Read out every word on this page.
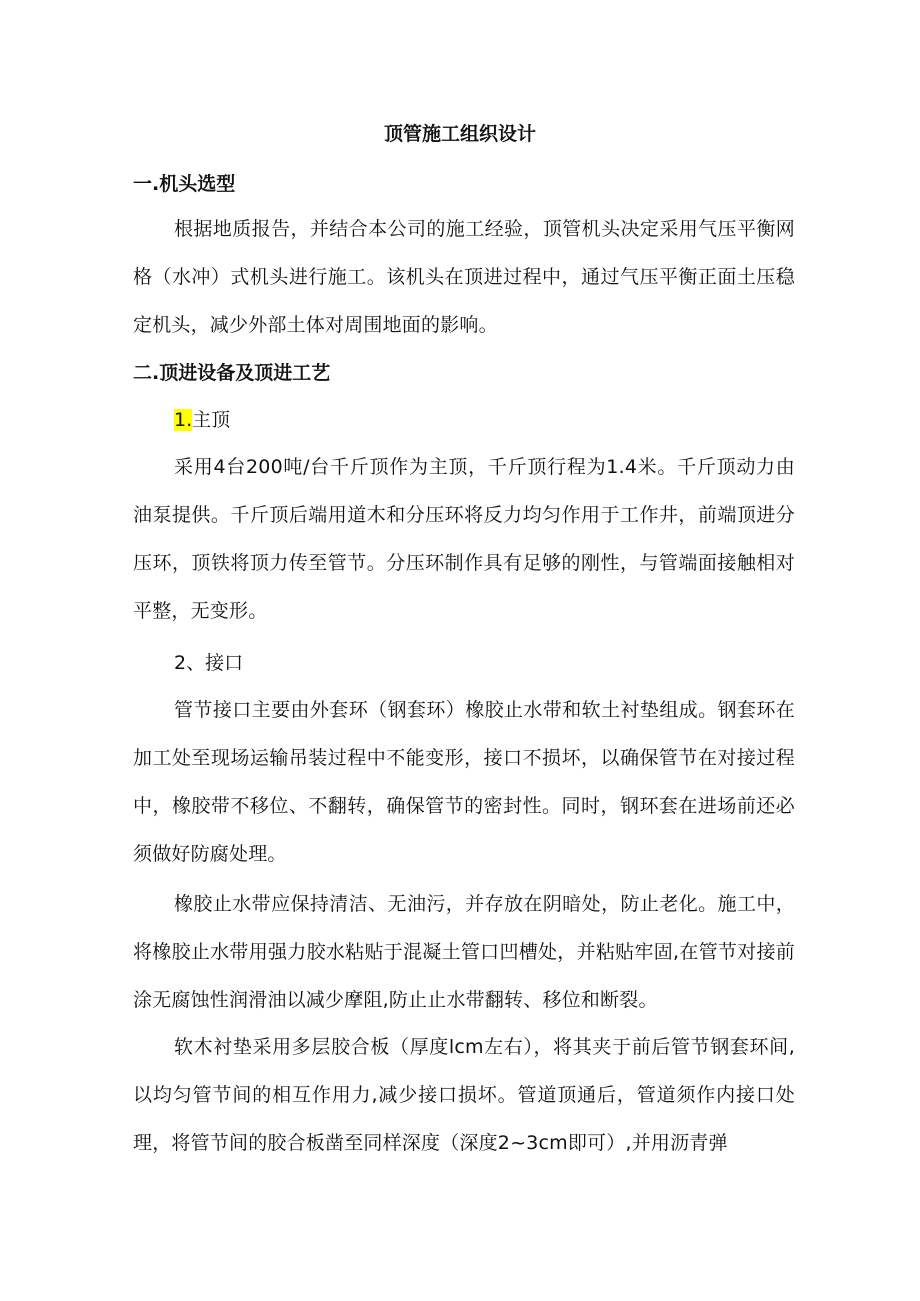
顶管施工组织设计
一.机头选型

根据地质报告，并结合本公司的施工经验，顶管机头决定采用气压平衡网格（水冲）式机头进行施工。该机头在顶进过程中，通过气压平衡正面土压稳定机头，减少外部土体对周围地面的影响。

二.顶进设备及顶进工艺
1.主顶

采用4台200吨/台千斤顶作为主顶，千斤顶行程为1.4米。千斤顶动力由油泵提供。千斤顶后端用道木和分压环将反力均匀作用于工作井，前端顶进分压环，顶铁将顶力传至管节。分压环制作具有足够的刚性，与管端面接触相对平整，无变形。

2、接口

管节接口主要由外套环（钢套环）橡胶止水带和软土衬垫组成。钢套环在加工处至现场运输吊装过程中不能变形，接口不损坏，以确保管节在对接过程中，橡胶带不移位、不翻转，确保管节的密封性。同时，钢环套在进场前还必须做好防腐处理。

橡胶止水带应保持清洁、无油污，并存放在阴暗处，防止老化。施工中，将橡胶止水带用强力胶水粘贴于混凝土管口凹槽处，并粘贴牢固,在管节对接前涂无腐蚀性润滑油以减少摩阻,防止止水带翻转、移位和断裂。

软木衬垫采用多层胶合板（厚度lcm左右），将其夹于前后管节钢套环间,以均匀管节间的相互作用力,减少接口损坏。管道顶通后，管道须作内接口处理，将管节间的胶合板凿至同样深度（深度2~3cm即可）,并用沥青弹
